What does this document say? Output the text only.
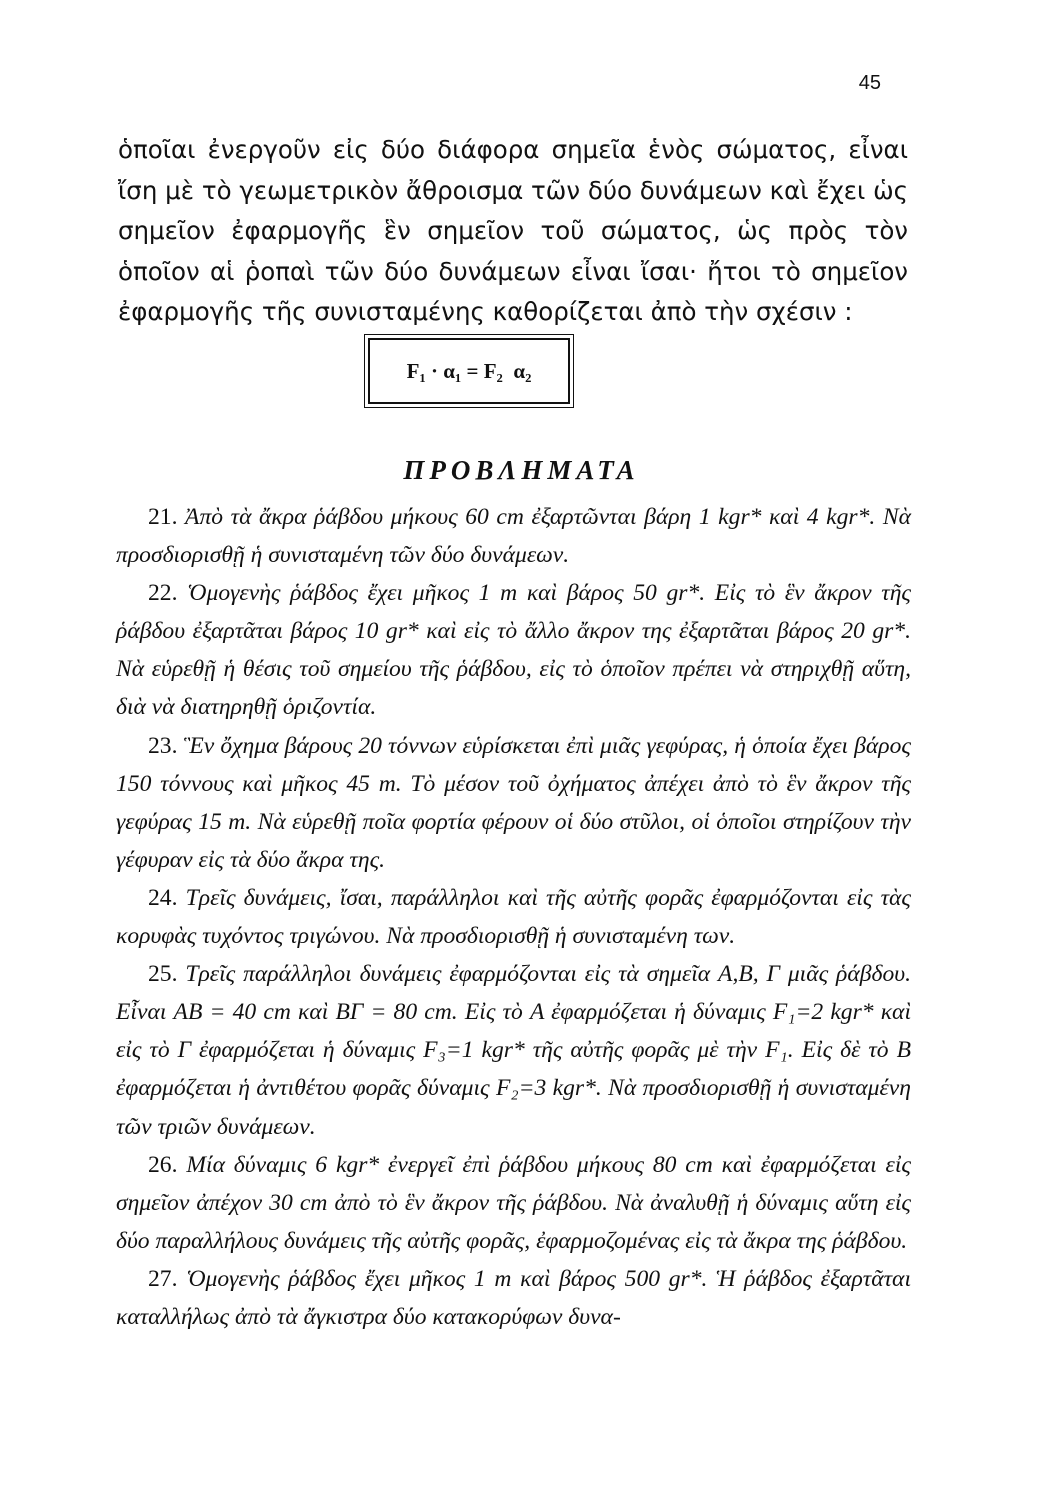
45

ὁποῖαι ἐνεργοῦν εἰς δύο διάφορα σημεῖα ἑνὸς σώματος, εἶναι ἴση μὲ τὸ γεωμετρικὸν ἄθροισμα τῶν δύο δυνάμεων καὶ ἔχει ὡς σημεῖον ἐφαρμογῆς ἓν σημεῖον τοῦ σώματος, ὡς πρὸς τὸν ὁποῖον αἱ ῥοπαὶ τῶν δύο δυνάμεων εἶναι ἴσαι· ἤτοι τὸ σημεῖον ἐφαρμογῆς τῆς συνισταμένης καθορίζεται ἀπὸ τὴν σχέσιν :

F₁ · α₁ = F₂  α₂
ΠΡΟΒΛΗΜΑΤΑ

21. Ἀπὸ τὰ ἄκρα ῥάβδου μήκους 60 cm ἐξαρτῶνται βάρη 1 kgr* καὶ 4 kgr*. Νὰ προσδιορισθῇ ἡ συνισταμένη τῶν δύο δυνάμεων.

22. Ὁμογενὴς ῥάβδος ἔχει μῆκος 1 m καὶ βάρος 50 gr*. Εἰς τὸ ἓν ἄκρον τῆς ῥάβδου ἐξαρτᾶται βάρος 10 gr* καὶ εἰς τὸ ἄλλο ἄκρον της ἐξαρτᾶται βάρος 20 gr*. Νὰ εὑρεθῇ ἡ θέσις τοῦ σημείου τῆς ῥάβδου, εἰς τὸ ὁποῖον πρέπει νὰ στηριχθῇ αὕτη, διὰ νὰ διατηρηθῇ ὁριζοντία.

23. Ἓν ὄχημα βάρους 20 τόννων εὑρίσκεται ἐπὶ μιᾶς γεφύρας, ἡ ὁποία ἔχει βάρος 150 τόννους καὶ μῆκος 45 m. Τὸ μέσον τοῦ ὀχήματος ἀπέχει ἀπὸ τὸ ἓν ἄκρον τῆς γεφύρας 15 m. Νὰ εὑρεθῇ ποῖα φορτία φέρουν οἱ δύο στῦλοι, οἱ ὁποῖοι στηρίζουν τὴν γέφυραν εἰς τὰ δύο ἄκρα της.

24. Τρεῖς δυνάμεις, ἴσαι, παράλληλοι καὶ τῆς αὐτῆς φορᾶς ἐφαρμόζονται εἰς τὰς κορυφὰς τυχόντος τριγώνου. Νὰ προσδιορισθῇ ἡ συνισταμένη των.

25. Τρεῖς παράλληλοι δυνάμεις ἐφαρμόζονται εἰς τὰ σημεῖα A,B, Γ μιᾶς ῥάβδου. Εἶναι AB = 40 cm καὶ BΓ = 80 cm. Εἰς τὸ A ἐφαρμόζεται ἡ δύναμις F₁=2 kgr* καὶ εἰς τὸ Γ ἐφαρμόζεται ἡ δύναμις F₃=1 kgr* τῆς αὐτῆς φορᾶς μὲ τὴν F₁. Εἰς δὲ τὸ B ἐφαρμόζεται ἡ ἀντιθέτου φορᾶς δύναμις F₂=3 kgr*. Νὰ προσδιορισθῇ ἡ συνισταμένη τῶν τριῶν δυνάμεων.

26. Μία δύναμις 6 kgr* ἐνεργεῖ ἐπὶ ῥάβδου μήκους 80 cm καὶ ἐφαρμόζεται εἰς σημεῖον ἀπέχον 30 cm ἀπὸ τὸ ἓν ἄκρον τῆς ῥάβδου. Νὰ ἀναλυθῇ ἡ δύναμις αὕτη εἰς δύο παραλλήλους δυνάμεις τῆς αὐτῆς φορᾶς, ἐφαρμοζομένας εἰς τὰ ἄκρα της ῥάβδου.

27. Ὁμογενὴς ῥάβδος ἔχει μῆκος 1 m καὶ βάρος 500 gr*. Ἡ ῥάβδος ἐξαρτᾶται καταλλήλως ἀπὸ τὰ ἄγκιστρα δύο κατακορύφων δυνα-
